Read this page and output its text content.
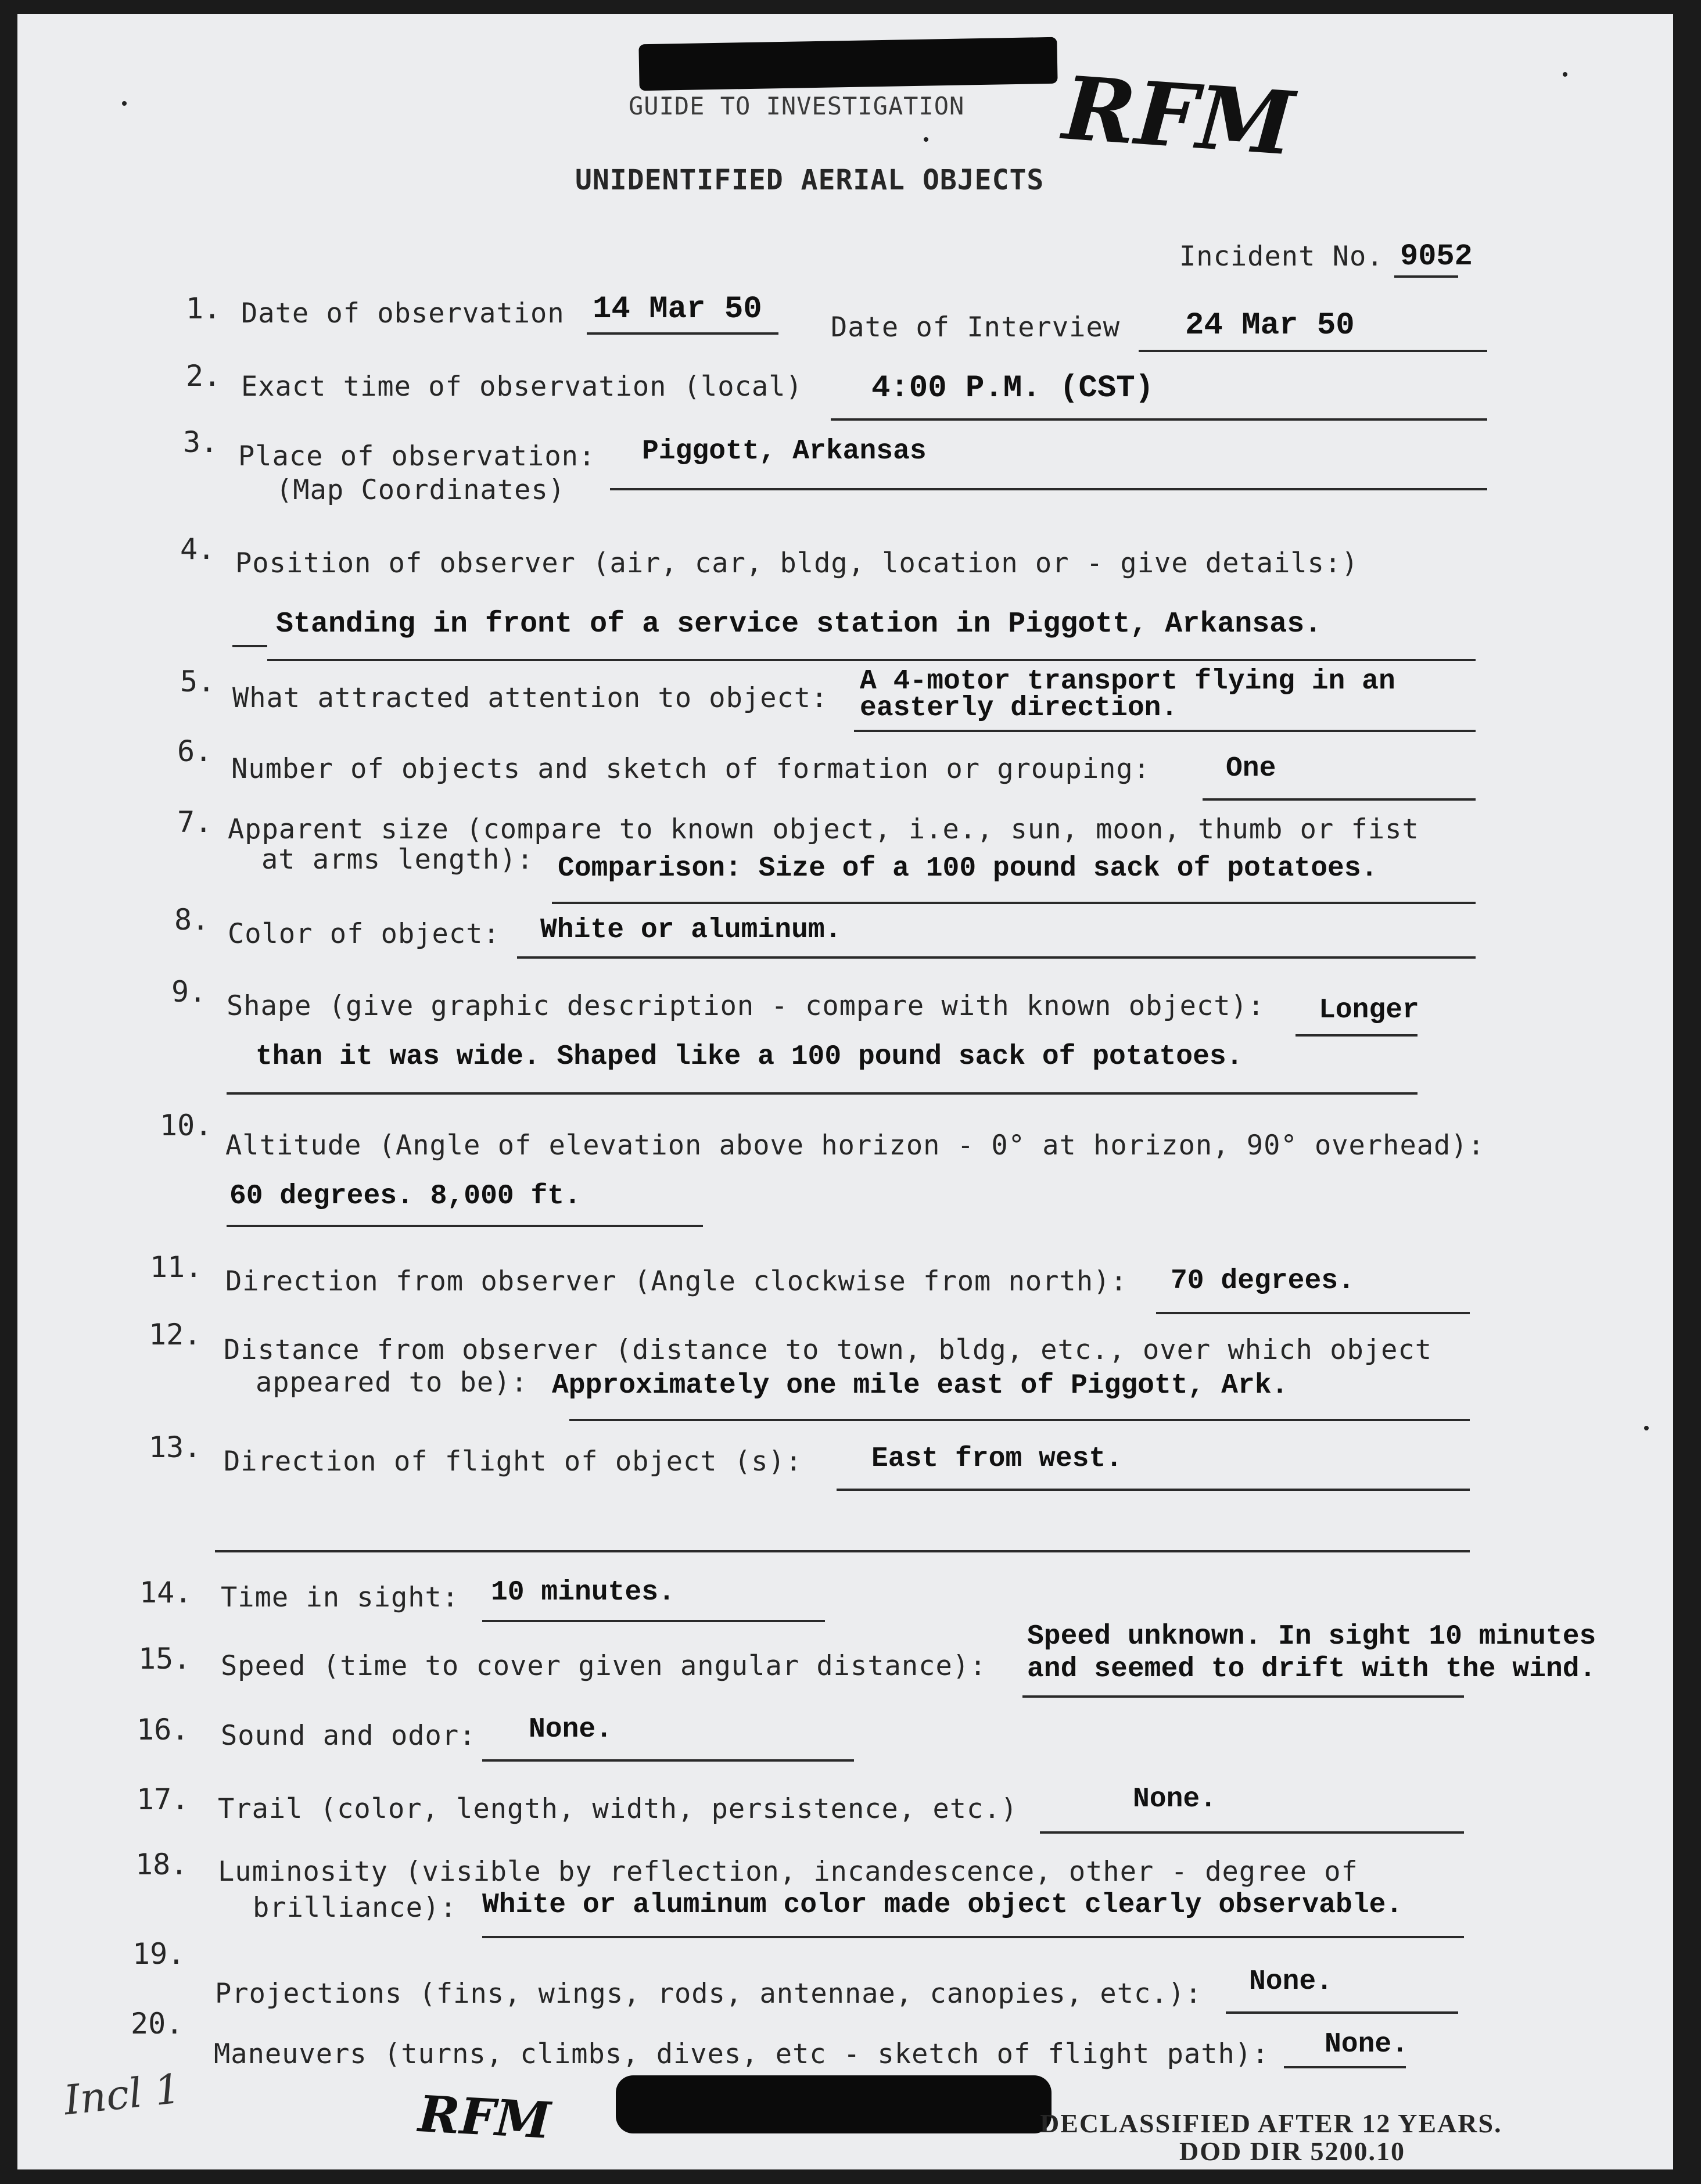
GUIDE TO INVESTIGATION RFM
UNIDENTIFIED AERIAL OBJECTS
Incident No. 9052
1. Date of observation 14 Mar 50
Date of Interview 24 Mar 50
2. Exact time of observation (local) 4:00 P.M. (CST)
3. Place of observation:
(Map Coordinates)
Piggott, Arkansas
4. Position of observer (air, car, bldg, location or - give details:)
Standing in front of a service station in Piggott, Arkansas.
5. What attracted attention to object:
A 4-motor transport flying in an
easterly direction.
6.
Number of objects and sketch of formation or grouping:	One
7. Apparent size (compare to known object, i.e., sun, moon, thumb or fist
at arms length): Comparison: Size of a 100 pound sack of potatoes.
8. Color of object: White or aluminum.
9. Shape (give graphic description - compare with known object): Longer
than it was wide. Shaped like a 100 pound sack of potatoes.
10.
Altitude (Angle of elevation above horizon - 0° at horizon, 90° overhead):
60 degrees. 8,000 ft.
11. Direction from observer (Angle clockwise from north): 70 degrees.
12. Distance from observer (distance to town, bldg, etc., over which object
appeared to be): Approximately one mile east of Piggott, Ark.
13. Direction of flight of object (s): East from west.
14. Time in sight: 10 minutes.
15. Speed (time to cover given angular distance):
Speed unknown. In sight 10 minutes
and seemed to drift with the wind.
16. Sound and odor: None.
17. Trail (color, length, width, persistence, etc.)	None.
18. Luminosity (visible by reflection, incandescence, other - degree of
brilliance): White or aluminum color made object clearly observable.
19.
Projections (fins, wings, rods, antennae, canopies, etc.): None.
20.
Maneuvers (turns, climbs, dives, etc - sketch of flight path): None.
Incl 1	RFM	DECLASSIFIED AFTER 12 YEARS.
DOD DIR 5200.10
